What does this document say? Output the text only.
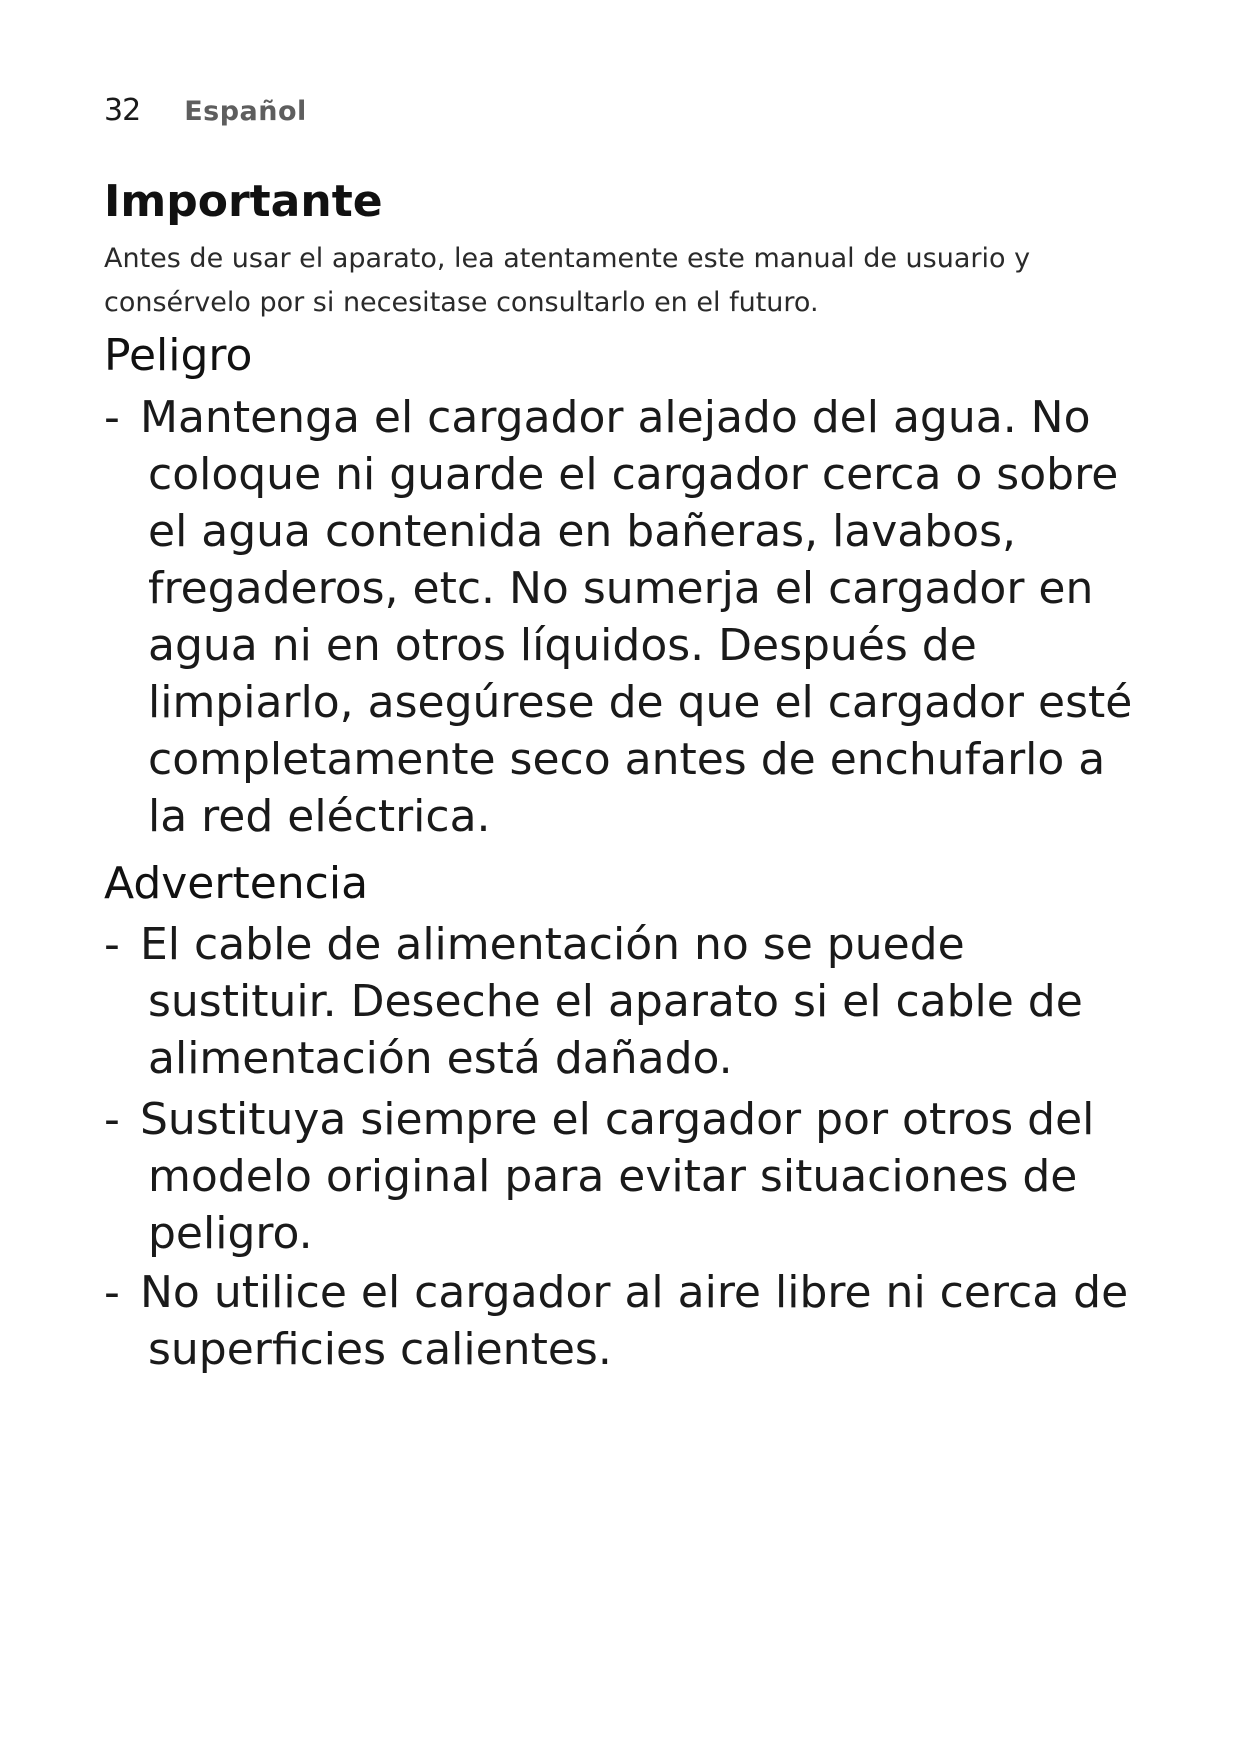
32 Español
Importante

Antes de usar el aparato, lea atentamente este manual de usuario y
consérvelo por si necesitase consultarlo en el futuro.

Peligro
- Mantenga el cargador alejado del agua. No
coloque ni guarde el cargador cerca o sobre
el agua contenida en bañeras, lavabos,
fregaderos, etc. No sumerja el cargador en
agua ni en otros líquidos. Después de
limpiarlo, asegúrese de que el cargador esté
completamente seco antes de enchufarlo a
la red eléctrica.
Advertencia
- El cable de alimentación no se puede
sustituir. Deseche el aparato si el cable de
alimentación está dañado.
- Sustituya siempre el cargador por otros del
modelo original para evitar situaciones de
peligro.
- No utilice el cargador al aire libre ni cerca de
superficies calientes.
